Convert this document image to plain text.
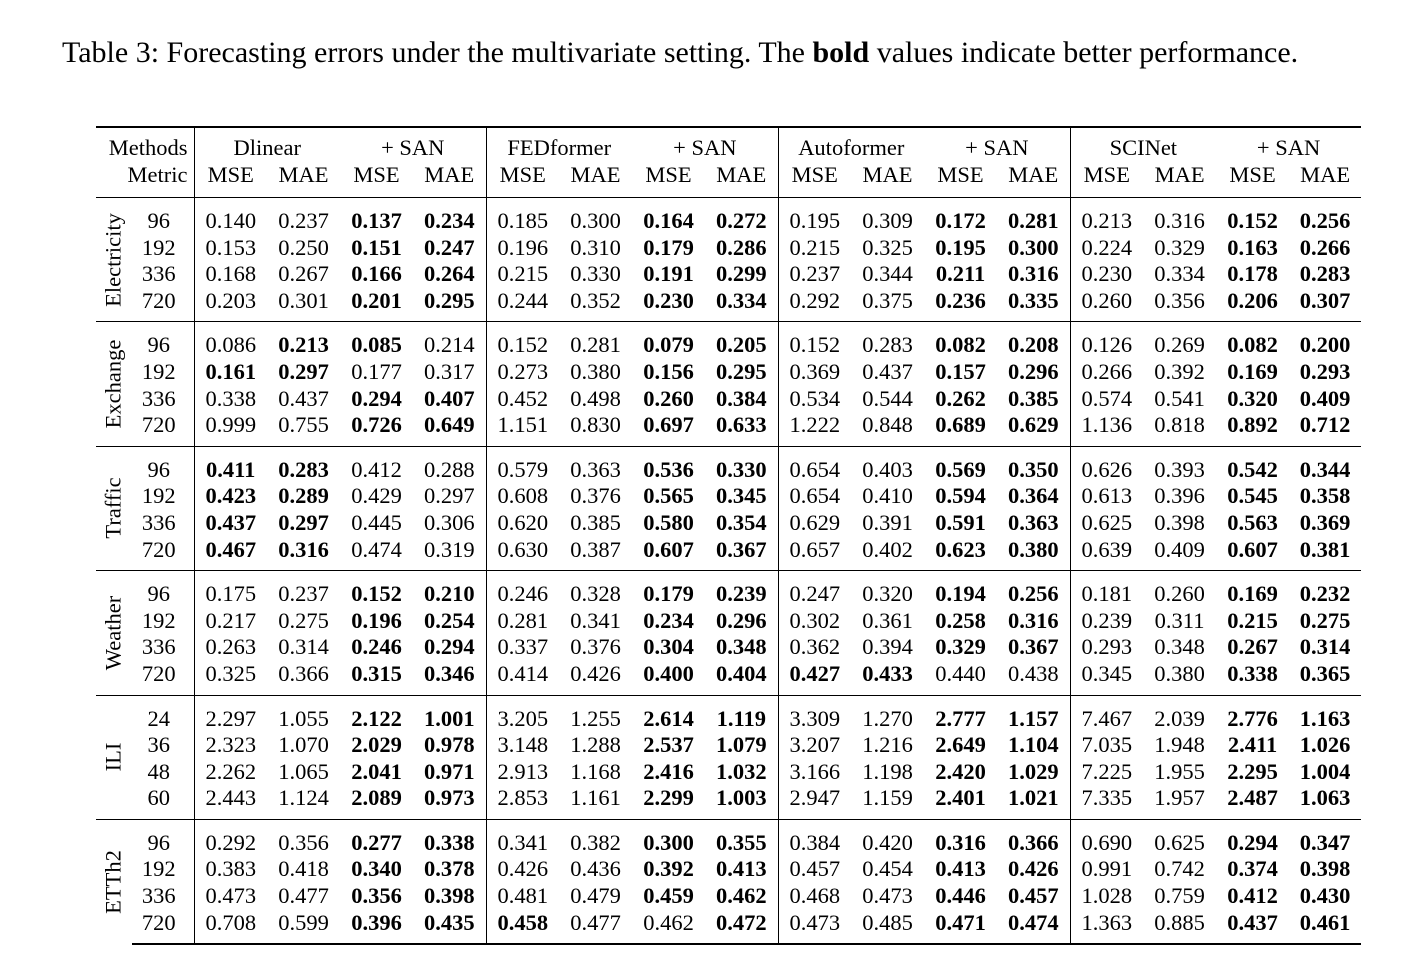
Table 3: Forecasting errors under the multivariate setting. The bold values indicate better performance.
Methods		Dlinear		+ SAN		FEDformer		+ SAN		Autoformer		+ SAN		SCINet		+ SAN	
Metric		MSE	MAE	MSE	MAE	MSE	MAE	MSE	MAE	MSE	MAE	MSE	MAE	MSE	MAE	MSE	MAE

Electricity	96	0.140	0.237	0.137	0.234	0.185	0.300	0.164	0.272	0.195	0.309	0.172	0.281	0.213	0.316	0.152	0.256
	192	0.153	0.250	0.151	0.247	0.196	0.310	0.179	0.286	0.215	0.325	0.195	0.300	0.224	0.329	0.163	0.266
	336	0.168	0.267	0.166	0.264	0.215	0.330	0.191	0.299	0.237	0.344	0.211	0.316	0.230	0.334	0.178	0.283
	720	0.203	0.301	0.201	0.295	0.244	0.352	0.230	0.334	0.292	0.375	0.236	0.335	0.260	0.356	0.206	0.307

Exchange	96	0.086	0.213	0.085	0.214	0.152	0.281	0.079	0.205	0.152	0.283	0.082	0.208	0.126	0.269	0.082	0.200
	192	0.161	0.297	0.177	0.317	0.273	0.380	0.156	0.295	0.369	0.437	0.157	0.296	0.266	0.392	0.169	0.293
	336	0.338	0.437	0.294	0.407	0.452	0.498	0.260	0.384	0.534	0.544	0.262	0.385	0.574	0.541	0.320	0.409
	720	0.999	0.755	0.726	0.649	1.151	0.830	0.697	0.633	1.222	0.848	0.689	0.629	1.136	0.818	0.892	0.712

Traffic	96	0.411	0.283	0.412	0.288	0.579	0.363	0.536	0.330	0.654	0.403	0.569	0.350	0.626	0.393	0.542	0.344
	192	0.423	0.289	0.429	0.297	0.608	0.376	0.565	0.345	0.654	0.410	0.594	0.364	0.613	0.396	0.545	0.358
	336	0.437	0.297	0.445	0.306	0.620	0.385	0.580	0.354	0.629	0.391	0.591	0.363	0.625	0.398	0.563	0.369
	720	0.467	0.316	0.474	0.319	0.630	0.387	0.607	0.367	0.657	0.402	0.623	0.380	0.639	0.409	0.607	0.381

Weather	96	0.175	0.237	0.152	0.210	0.246	0.328	0.179	0.239	0.247	0.320	0.194	0.256	0.181	0.260	0.169	0.232
	192	0.217	0.275	0.196	0.254	0.281	0.341	0.234	0.296	0.302	0.361	0.258	0.316	0.239	0.311	0.215	0.275
	336	0.263	0.314	0.246	0.294	0.337	0.376	0.304	0.348	0.362	0.394	0.329	0.367	0.293	0.348	0.267	0.314
	720	0.325	0.366	0.315	0.346	0.414	0.426	0.400	0.404	0.427	0.433	0.440	0.438	0.345	0.380	0.338	0.365

ILI	24	2.297	1.055	2.122	1.001	3.205	1.255	2.614	1.119	3.309	1.270	2.777	1.157	7.467	2.039	2.776	1.163
	36	2.323	1.070	2.029	0.978	3.148	1.288	2.537	1.079	3.207	1.216	2.649	1.104	7.035	1.948	2.411	1.026
	48	2.262	1.065	2.041	0.971	2.913	1.168	2.416	1.032	3.166	1.198	2.420	1.029	7.225	1.955	2.295	1.004
	60	2.443	1.124	2.089	0.973	2.853	1.161	2.299	1.003	2.947	1.159	2.401	1.021	7.335	1.957	2.487	1.063

ETTh2	96	0.292	0.356	0.277	0.338	0.341	0.382	0.300	0.355	0.384	0.420	0.316	0.366	0.690	0.625	0.294	0.347
	192	0.383	0.418	0.340	0.378	0.426	0.436	0.392	0.413	0.457	0.454	0.413	0.426	0.991	0.742	0.374	0.398
	336	0.473	0.477	0.356	0.398	0.481	0.479	0.459	0.462	0.468	0.473	0.446	0.457	1.028	0.759	0.412	0.430
	720	0.708	0.599	0.396	0.435	0.458	0.477	0.462	0.472	0.473	0.485	0.471	0.474	1.363	0.885	0.437	0.461
